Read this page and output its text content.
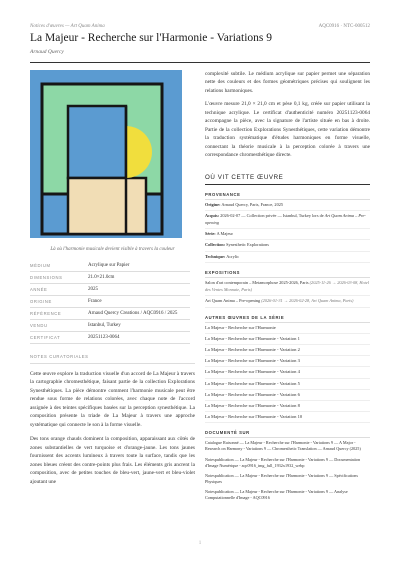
Notices d'œuvres — Art Quam Anima	AQC0916 · NTC-000512
La Majeur - Recherche sur l'Harmonie - Variations 9
Arnaud Quercy
Là où l'harmonie musicale devient visible à travers la couleur
MÉDIUM	Acrylique sur Papier
DIMENSIONS	21.0×21.0cm
ANNÉE	2025
ORIGINE	France
RÉFÉRENCE	Arnaud Quercy Creations / AQC0916 / 2025
VENDU	Istanbul, Turkey
CERTIFICAT	20251123-0064
NOTES CURATORIALES

Cette œuvre explore la traduction visuelle d'un accord de La Majeur à travers la cartographie chromesthétique, faisant partie de la collection Explorations Synesthétiques. La pièce démontre comment l'harmonie musicale peut être rendue sous forme de relations colorées, avec chaque note de l'accord assignée à des teintes spécifiques basées sur la perception synesthétique. La composition présente la triade de La Majeur à travers une approche systématique qui connecte le son à la forme visuelle.

Des tons orange chauds dominent la composition, apparaissant aux côtés de zones substantielles de vert turquoise et d'orange-jaune. Les tons jaunes fournissent des accents lumineux à travers toute la surface, tandis que les zones bleues créent des contre-points plus frais. Les éléments gris ancrent la composition, avec de petites touches de bleu-vert, jaune-vert et bleu-violet ajoutant une

complexité subtile. Le médium acrylique sur papier permet une séparation nette des couleurs et des formes géométriques précises qui soulignent les relations harmoniques.

L'œuvre mesure 21,0 × 21,0 cm et pèse 0,1 kg, créée sur papier utilisant la technique acrylique. Le certificat d'authenticité numéro 20251123-0064 accompagne la pièce, avec la signature de l'artiste située en bas à droite. Partie de la collection Explorations Synesthétiques, cette variation démontre la traduction systématique d'études harmoniques en forme visuelle, connectant la théorie musicale à la perception colorée à travers une correspondance chromesthétique directe.

OÙ VIT CETTE ŒUVRE
PROVENANCE
Origine: Arnaud Quercy, Paris, France, 2025
Acquis: 2026-02-07 — Collection privée — Istanbul, Turkey lors de Art Quam Anima – Pre-opening
Série: A Majeur
Collection: Synesthetic Explorations
Technique: Acrylic
EXPOSITIONS
Salon d'art contemporain – Metamorphose 2025-2026, Paris (2025-11-26 → 2026-03-08, Hotel des Ventes Monnaie, Paris)
Art Quam Anima – Pre-opening (2026-01-31 → 2026-02-28, Art Quam Anima, Paris)
AUTRES ŒUVRES DE LA SÉRIE
La Majeur - Recherche sur l'Harmonie
La Majeur - Recherche sur l'Harmonie - Variation 1
La Majeur - Recherche sur l'Harmonie - Variation 2
La Majeur - Recherche sur l'Harmonie - Variation 3
La Majeur - Recherche sur l'Harmonie - Variation 4
La Majeur - Recherche sur l'Harmonie - Variation 5
La Majeur - Recherche sur l'Harmonie - Variation 6
La Majeur - Recherche sur l'Harmonie - Variation 8
La Majeur - Recherche sur l'Harmonie - Variation 10
DOCUMENTÉ SUR
Catalogue Raisonné — La Majeur - Recherche sur l'Harmonie - Variations 9 — A Major - Research on Harmony - Variations 9 — Chromesthetic Translation — Arnaud Quercy (2025)
Notespublication — La Majeur - Recherche sur l'Harmonie - Variations 9 — Documentation d'Image Numérique - aqc0916_img_full_1932x1932_webp
Notespublication — La Majeur - Recherche sur l'Harmonie - Variations 9 — Spécifications Physiques
Notespublication — La Majeur - Recherche sur l'Harmonie - Variations 9 — Analyse Computationnelle d'Image - AQC0916
1
